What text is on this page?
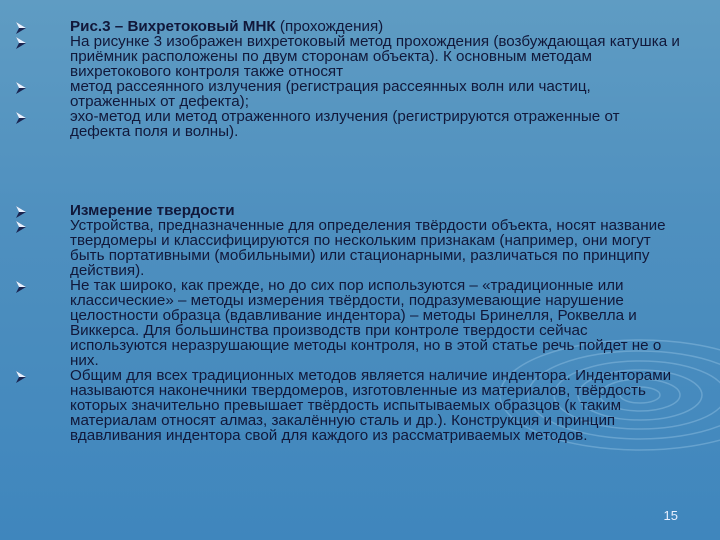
Рис.3 – Вихретоковый МНК (прохождения)
На рисунке 3 изображен вихретоковый метод прохождения (возбуждающая катушка и приёмник расположены по двум сторонам объекта). К основным методам вихретокового контроля также относят
метод рассеянного излучения (регистрация рассеянных волн или частиц, отраженных от дефекта);
эхо-метод или метод отраженного излучения (регистрируются отраженные от дефекта поля и волны).
Измерение твердости
Устройства, предназначенные для определения твёрдости объекта, носят название твердомеры и классифицируются по нескольким признакам (например, они могут быть портативными (мобильными) или стационарными, различаться по принципу действия).
Не так широко, как прежде, но до сих пор используются – «традиционные или классические» – методы измерения твёрдости, подразумевающие нарушение целостности образца (вдавливание индентора) – методы Бринелля, Роквелла и Виккерса. Для большинства производств при контроле твердости сейчас используются неразрушающие методы контроля, но в этой статье речь пойдет не о них.
Общим для всех традиционных методов является наличие индентора. Инденторами называются наконечники твердомеров, изготовленные из материалов, твёрдость которых значительно превышает твёрдость испытываемых образцов (к таким материалам относят алмаз, закалённую сталь и др.). Конструкция и принцип вдавливания индентора свой для каждого из рассматриваемых методов.
15
